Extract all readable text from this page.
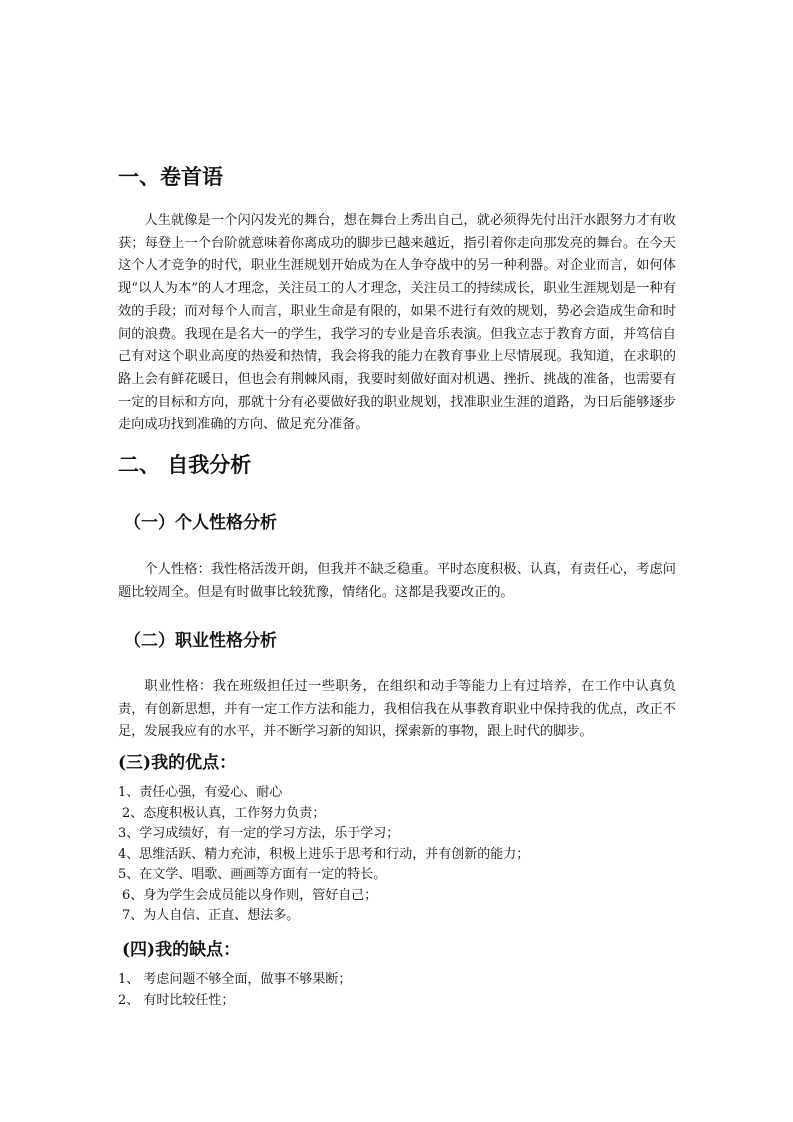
一、卷首语

人生就像是一个闪闪发光的舞台，想在舞台上秀出自己，就必须得先付出汗水跟努力才有收获；每登上一个台阶就意味着你离成功的脚步已越来越近，指引着你走向那发亮的舞台。在今天这个人才竞争的时代，职业生涯规划开始成为在人争夺战中的另一种利器。对企业而言，如何体现“以人为本”的人才理念，关注员工的人才理念，关注员工的持续成长，职业生涯规划是一种有效的手段；而对每个人而言，职业生命是有限的，如果不进行有效的规划，势必会造成生命和时间的浪费。我现在是名大一的学生，我学习的专业是音乐表演。但我立志于教育方面，并笃信自己有对这个职业高度的热爱和热情，我会将我的能力在教育事业上尽情展现。我知道，在求职的路上会有鲜花暖日，但也会有荆棘风雨，我要时刻做好面对机遇、挫折、挑战的准备，也需要有一定的目标和方向，那就十分有必要做好我的职业规划，找准职业生涯的道路，为日后能够逐步走向成功找到准确的方向、做足充分准备。

二、 自我分析
（一）个人性格分析

个人性格：我性格活泼开朗，但我并不缺乏稳重。平时态度积极、认真，有责任心，考虑问题比较周全。但是有时做事比较犹豫，情绪化。这都是我要改正的。

（二）职业性格分析

职业性格：我在班级担任过一些职务，在组织和动手等能力上有过培养，在工作中认真负责，有创新思想，并有一定工作方法和能力，我相信我在从事教育职业中保持我的优点，改正不足，发展我应有的水平，并不断学习新的知识，探索新的事物，跟上时代的脚步。

(三)我的优点：
1、责任心强，有爱心、耐心
2、态度积极认真，工作努力负责；
3、学习成绩好，有一定的学习方法，乐于学习；
4、思维活跃、精力充沛，积极上进乐于思考和行动，并有创新的能力；
5、在文学、唱歌、画画等方面有一定的特长。
6、身为学生会成员能以身作则，管好自己；
7、为人自信、正直、想法多。
(四)我的缺点：
1、 考虑问题不够全面，做事不够果断；
2、 有时比较任性；
